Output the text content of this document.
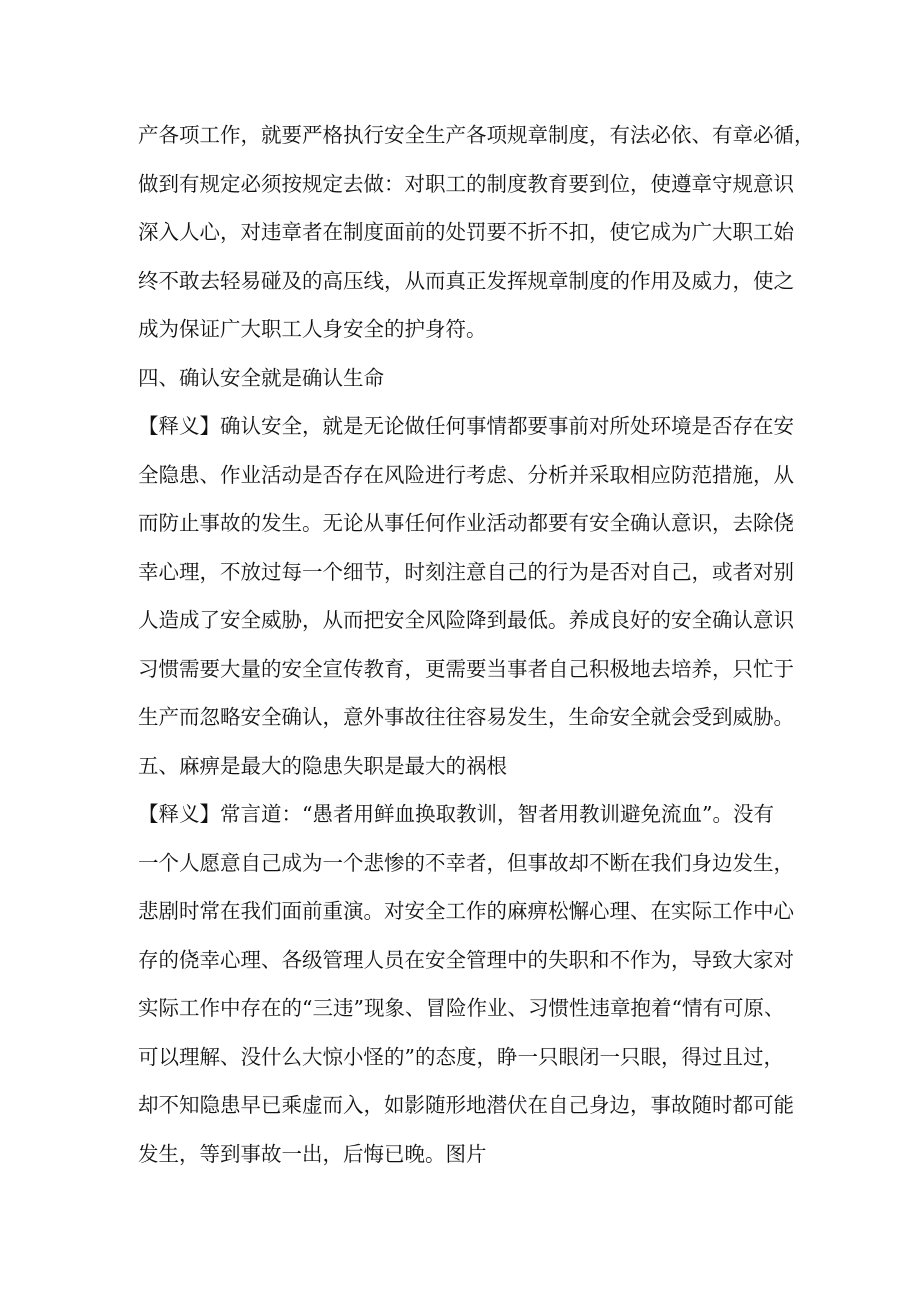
产各项工作，就要严格执行安全生产各项规章制度，有法必依、有章必循，
做到有规定必须按规定去做：对职工的制度教育要到位，使遵章守规意识
深入人心，对违章者在制度面前的处罚要不折不扣，使它成为广大职工始
终不敢去轻易碰及的高压线，从而真正发挥规章制度的作用及威力，使之
成为保证广大职工人身安全的护身符。
四、确认安全就是确认生命
【释义】确认安全，就是无论做任何事情都要事前对所处环境是否存在安
全隐患、作业活动是否存在风险进行考虑、分析并采取相应防范措施，从
而防止事故的发生。无论从事任何作业活动都要有安全确认意识，去除侥
幸心理，不放过每一个细节，时刻注意自己的行为是否对自己，或者对别
人造成了安全威胁，从而把安全风险降到最低。养成良好的安全确认意识
习惯需要大量的安全宣传教育，更需要当事者自己积极地去培养，只忙于
生产而忽略安全确认，意外事故往往容易发生，生命安全就会受到威胁。
五、麻痹是最大的隐患失职是最大的祸根
【释义】常言道：“愚者用鲜血换取教训，智者用教训避免流血”。没有
一个人愿意自己成为一个悲惨的不幸者，但事故却不断在我们身边发生，
悲剧时常在我们面前重演。对安全工作的麻痹松懈心理、在实际工作中心
存的侥幸心理、各级管理人员在安全管理中的失职和不作为，导致大家对
实际工作中存在的“三违”现象、冒险作业、习惯性违章抱着“情有可原、
可以理解、没什么大惊小怪的”的态度，睁一只眼闭一只眼，得过且过，
却不知隐患早已乘虚而入，如影随形地潜伏在自己身边，事故随时都可能
发生，等到事故一出，后悔已晚。图片
